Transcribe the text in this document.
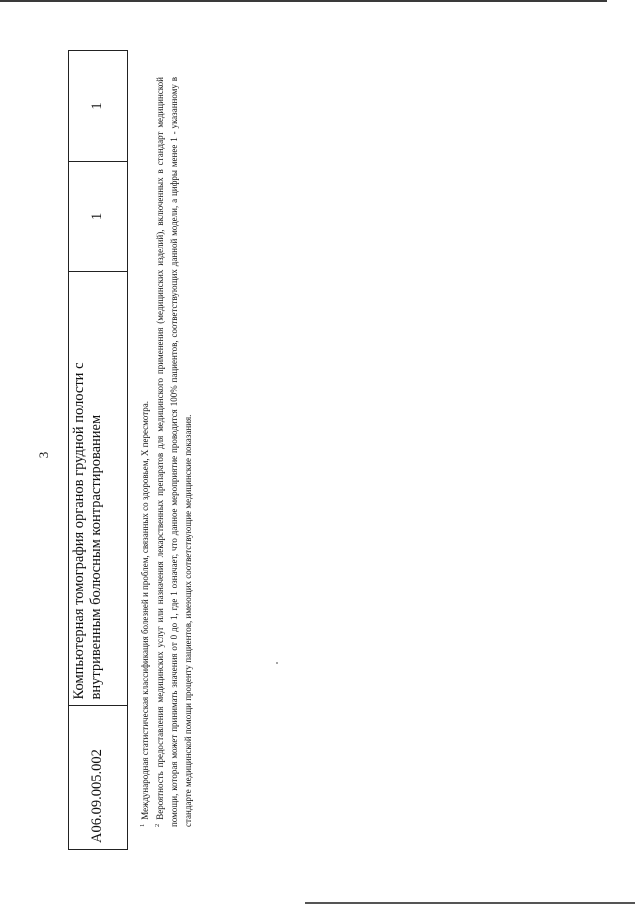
3
A06.09.005.002	Компьютерная томография органов грудной полости с внутривенным болюсным контрастированием	1	1

$^1$Международная статистическая классификация болезней и проблем, связанных со здоровьем, X пересмотра.

$^2$Вероятность предоставления медицинских услуг или назначения лекарственных препаратов для медицинского применения (медицинских изделий), включенных в стандарт медицинской помощи, которая может принимать значения от 0 до 1, где 1 означает, что данное мероприятие проводится 100% пациентов, соответствующих данной модели, а цифры менее 1 - указанному в стандарте медицинской помощи проценту пациентов, имеющих соответствующие медицинские показания.
